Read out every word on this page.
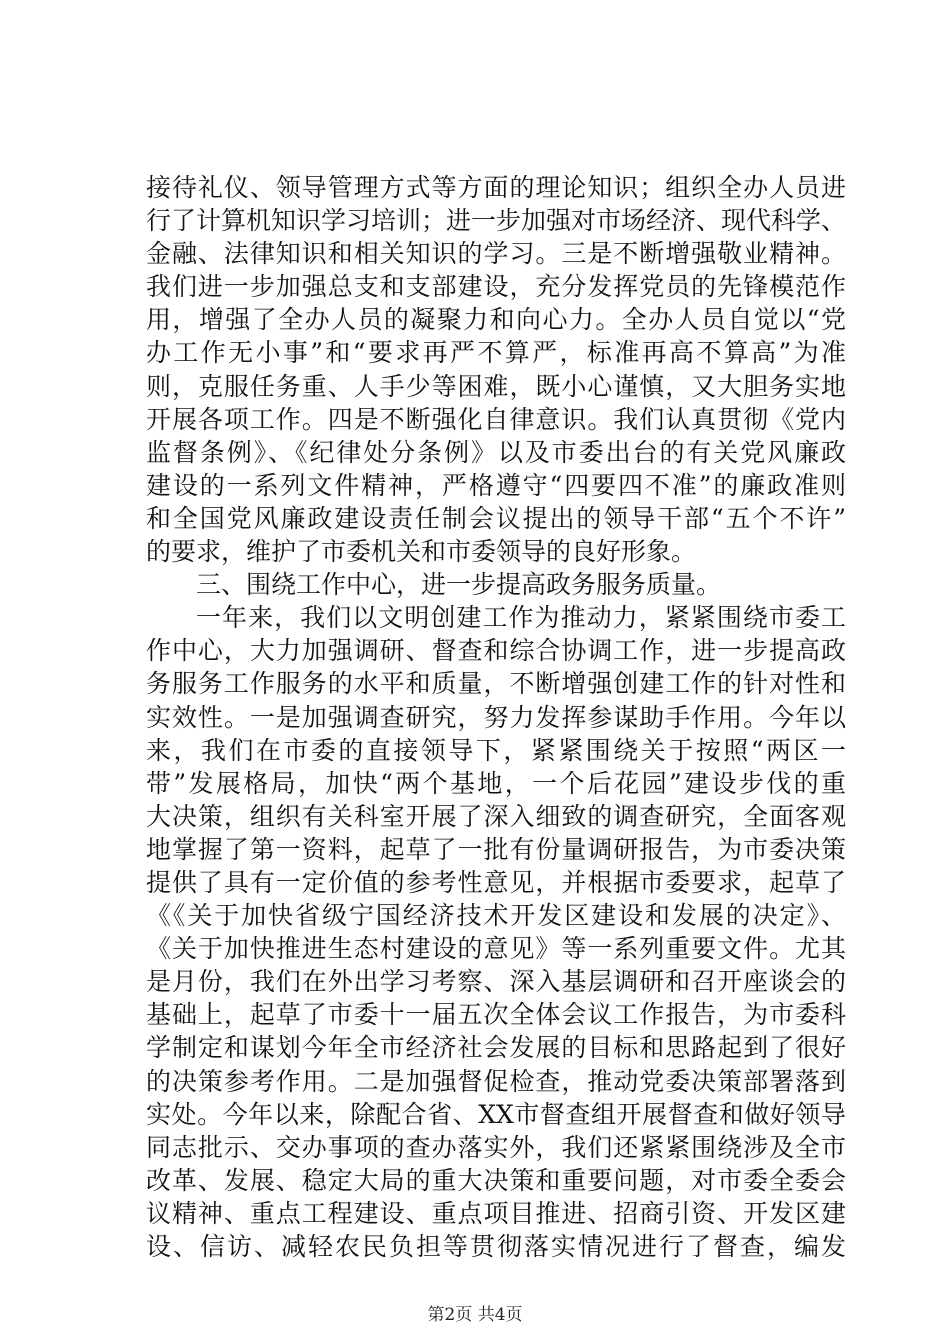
接待礼仪、领导管理方式等方面的理论知识；组织全办人员进
行了计算机知识学习培训；进一步加强对市场经济、现代科学、
金融、法律知识和相关知识的学习。三是不断增强敬业精神。
我们进一步加强总支和支部建设，充分发挥党员的先锋模范作
用，增强了全办人员的凝聚力和向心力。全办人员自觉以“党
办工作无小事”和“要求再严不算严，标准再高不算高”为准
则，克服任务重、人手少等困难，既小心谨慎，又大胆务实地
开展各项工作。四是不断强化自律意识。我们认真贯彻《党内
监督条例》、《纪律处分条例》以及市委出台的有关党风廉政
建设的一系列文件精神，严格遵守“四要四不准”的廉政准则
和全国党风廉政建设责任制会议提出的领导干部“五个不许”
的要求，维护了市委机关和市委领导的良好形象。
三、围绕工作中心，进一步提高政务服务质量。
一年来，我们以文明创建工作为推动力，紧紧围绕市委工
作中心，大力加强调研、督查和综合协调工作，进一步提高政
务服务工作服务的水平和质量，不断增强创建工作的针对性和
实效性。一是加强调查研究，努力发挥参谋助手作用。今年以
来，我们在市委的直接领导下，紧紧围绕关于按照“两区一
带”发展格局，加快“两个基地，一个后花园”建设步伐的重
大决策，组织有关科室开展了深入细致的调查研究，全面客观
地掌握了第一资料，起草了一批有份量调研报告，为市委决策
提供了具有一定价值的参考性意见，并根据市委要求，起草了
《《关于加快省级宁国经济技术开发区建设和发展的决定》、
《关于加快推进生态村建设的意见》等一系列重要文件。尤其
是月份，我们在外出学习考察、深入基层调研和召开座谈会的
基础上，起草了市委十一届五次全体会议工作报告，为市委科
学制定和谋划今年全市经济社会发展的目标和思路起到了很好
的决策参考作用。二是加强督促检查，推动党委决策部署落到
实处。今年以来，除配合省、XX市督查组开展督查和做好领导
同志批示、交办事项的查办落实外，我们还紧紧围绕涉及全市
改革、发展、稳定大局的重大决策和重要问题，对市委全委会
议精神、重点工程建设、重点项目推进、招商引资、开发区建
设、信访、减轻农民负担等贯彻落实情况进行了督查，编发
第2页 共4页
